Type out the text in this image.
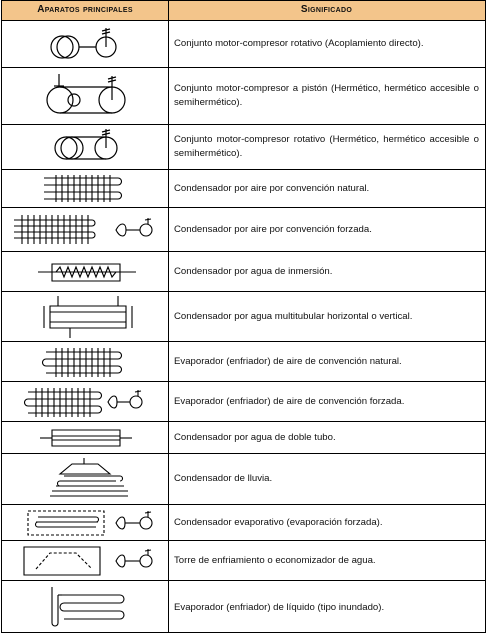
Aparatos principales	Significado
Conjunto motor-compresor rotativo (Acoplamiento directo).
Conjunto motor-compresor a pistón (Hermético, hermético accesible o semihermético).
Conjunto motor-compresor rotativo (Hermético, hermético accesible o semihermético).
Condensador por aire por convención natural.
Condensador por aire por convención forzada.
Condensador por agua de inmersión.
Condensador por agua multitubular horizontal o vertical.
Evaporador (enfriador) de aire de convención natural.
Evaporador (enfriador) de aire de convención forzada.
Condensador por agua de doble tubo.
Condensador de lluvia.
Condensador evaporativo (evaporación forzada).
Torre de enfriamiento o economizador de agua.
Evaporador (enfriador) de líquido (tipo inundado).
